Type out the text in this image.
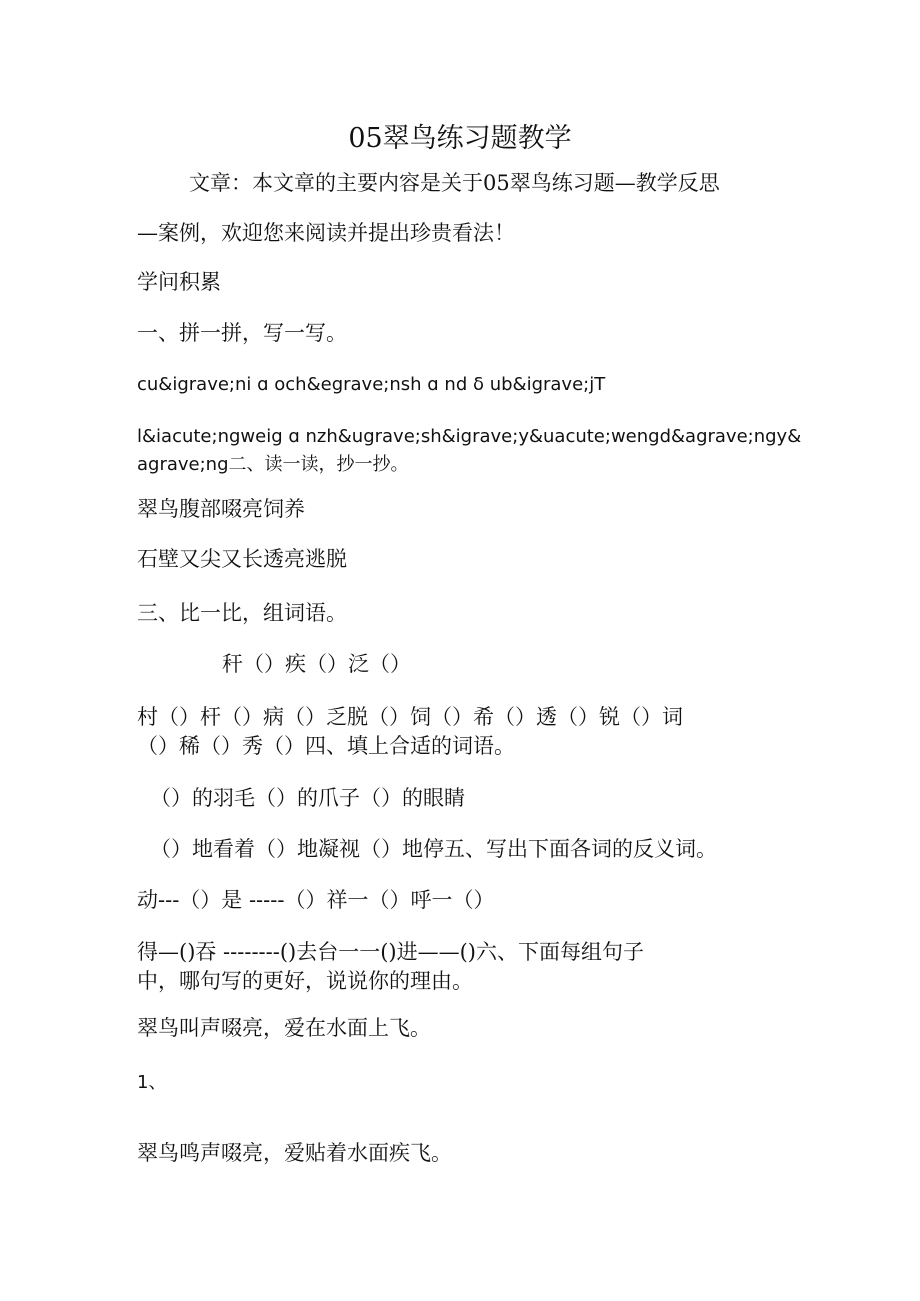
05翠鸟练习题教学
文章：本文章的主要内容是关于05翠鸟练习题—教学反思
—案例，欢迎您来阅读并提出珍贵看法！
学问积累
一、拼一拼，写一写。
cu&igrave;ni ɑ och&egrave;nsh ɑ nd δ ub&igrave;jT
l&iacute;ngweig ɑ nzh&ugrave;sh&igrave;y&uacute;wengd&agrave;ngy&
agrave;ng二、读一读，抄一抄。
翠鸟腹部啜亮饲养
石壁又尖又长透亮逃脱
三、比一比，组词语。
秆（）疾（）泛（）
村（）杆（）病（）乏脱（）饲（）希（）透（）锐（）词
（）稀（）秀（）四、填上合适的词语。
（）的羽毛（）的爪子（）的眼睛
（）地看着（）地凝视（）地停五、写出下面各词的反义词。
动---（）是 -----（）祥一（）呼一（）
得—()吞 --------()去台一一()进——()六、下面每组句子
中，哪句写的更好，说说你的理由。
翠鸟叫声啜亮，爱在水面上飞。
1、
翠鸟鸣声啜亮，爱贴着水面疾飞。
